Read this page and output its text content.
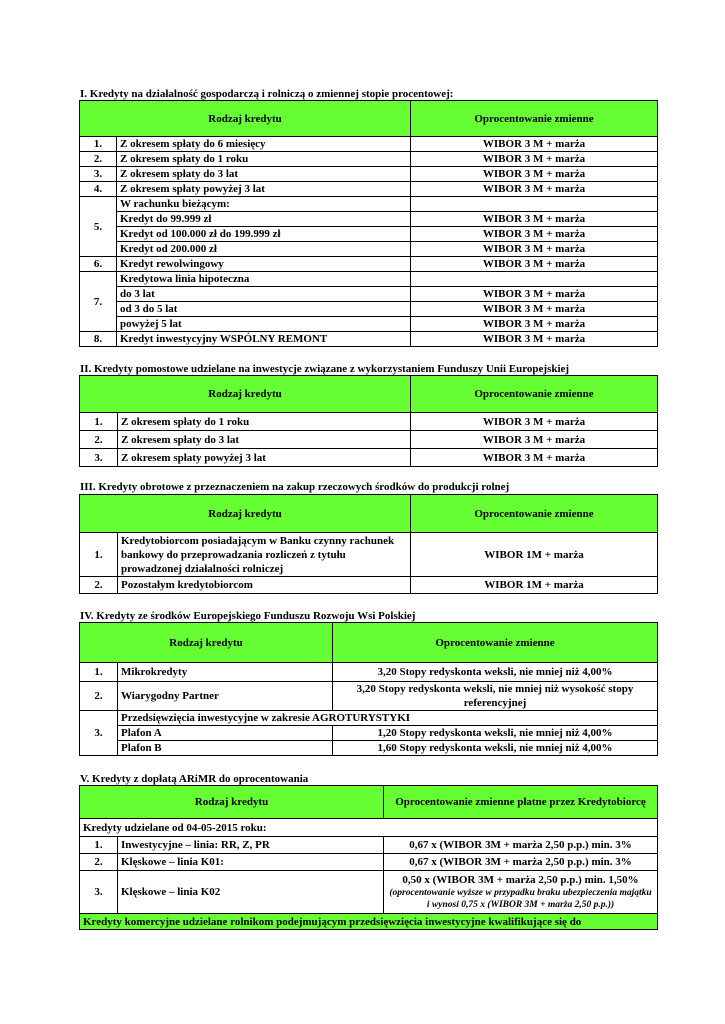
I. Kredyty na działalność gospodarczą i rolniczą o zmiennej stopie procentowej:
Rodzaj kredytu		Oprocentowanie zmienne
1.	Z okresem spłaty do 6 miesięcy	WIBOR 3 M + marża
2.	Z okresem spłaty do 1 roku	WIBOR 3 M + marża
3.	Z okresem spłaty do 3 lat	WIBOR 3 M + marża
4.	Z okresem spłaty powyżej 3 lat	WIBOR 3 M + marża
5.	W rachunku bieżącym:	
	Kredyt do 99.999 zł	WIBOR 3 M + marża
	Kredyt od 100.000 zł do 199.999 zł	WIBOR 3 M + marża
	Kredyt od 200.000 zł	WIBOR 3 M + marża
6.	Kredyt rewolwingowy	WIBOR 3 M + marża
7.	Kredytowa linia hipoteczna	
	do 3 lat	WIBOR 3 M + marża
	od 3 do 5 lat	WIBOR 3 M + marża
	powyżej 5 lat	WIBOR 3 M + marża
8.	Kredyt inwestycyjny WSPÓLNY REMONT	WIBOR 3 M + marża
II. Kredyty pomostowe udzielane na inwestycje związane z wykorzystaniem Funduszy Unii Europejskiej
Rodzaj kredytu		Oprocentowanie zmienne
1.	Z okresem spłaty do 1 roku	WIBOR 3 M + marża
2.	Z okresem spłaty do 3 lat	WIBOR 3 M + marża
3.	Z okresem spłaty powyżej 3 lat	WIBOR 3 M + marża
III. Kredyty obrotowe z przeznaczeniem na zakup rzeczowych środków do produkcji rolnej
Rodzaj kredytu		Oprocentowanie zmienne
1.	Kredytobiorcom posiadającym w Banku czynny rachunek bankowy do przeprowadzania rozliczeń z tytułu prowadzonej działalności rolniczej	WIBOR 1M + marża
2.	Pozostałym kredytobiorcom	WIBOR 1M + marża
IV. Kredyty ze środków Europejskiego Funduszu Rozwoju Wsi Polskiej
Rodzaj kredytu		Oprocentowanie zmienne
1.	Mikrokredyty	3,20 Stopy redyskonta weksli, nie mniej niż 4,00%
2.	Wiarygodny Partner	3,20 Stopy redyskonta weksli, nie mniej niż wysokość stopy referencyjnej
3.	Przedsięwzięcia inwestycyjne w zakresie AGROTURYSTYKI	
	Plafon A	1,20 Stopy redyskonta weksli, nie mniej niż 4,00%
	Plafon B	1,60 Stopy redyskonta weksli, nie mniej niż 4,00%
V. Kredyty z dopłatą ARiMR do oprocentowania
Rodzaj kredytu		Oprocentowanie zmienne płatne przez Kredytobiorcę
Kredyty udzielane od 04-05-2015 roku:		
1.	Inwestycyjne – linia: RR, Z, PR	0,67 x (WIBOR 3M + marża 2,50 p.p.) min. 3%
2.	Klęskowe – linia K01:	0,67 x (WIBOR 3M + marża 2,50 p.p.) min. 3%
3.	Klęskowe – linia K02	0,50 x (WIBOR 3M + marża 2,50 p.p.) min. 1,50%
(oprocentowanie wyższe w przypadku braku ubezpieczenia majątku i wynosi 0,75 x (WIBOR 3M + marża 2,50 p.p.))

Kredyty komercyjne udzielane rolnikom podejmującym przedsięwzięcia inwestycyjne kwalifikujące się do		
